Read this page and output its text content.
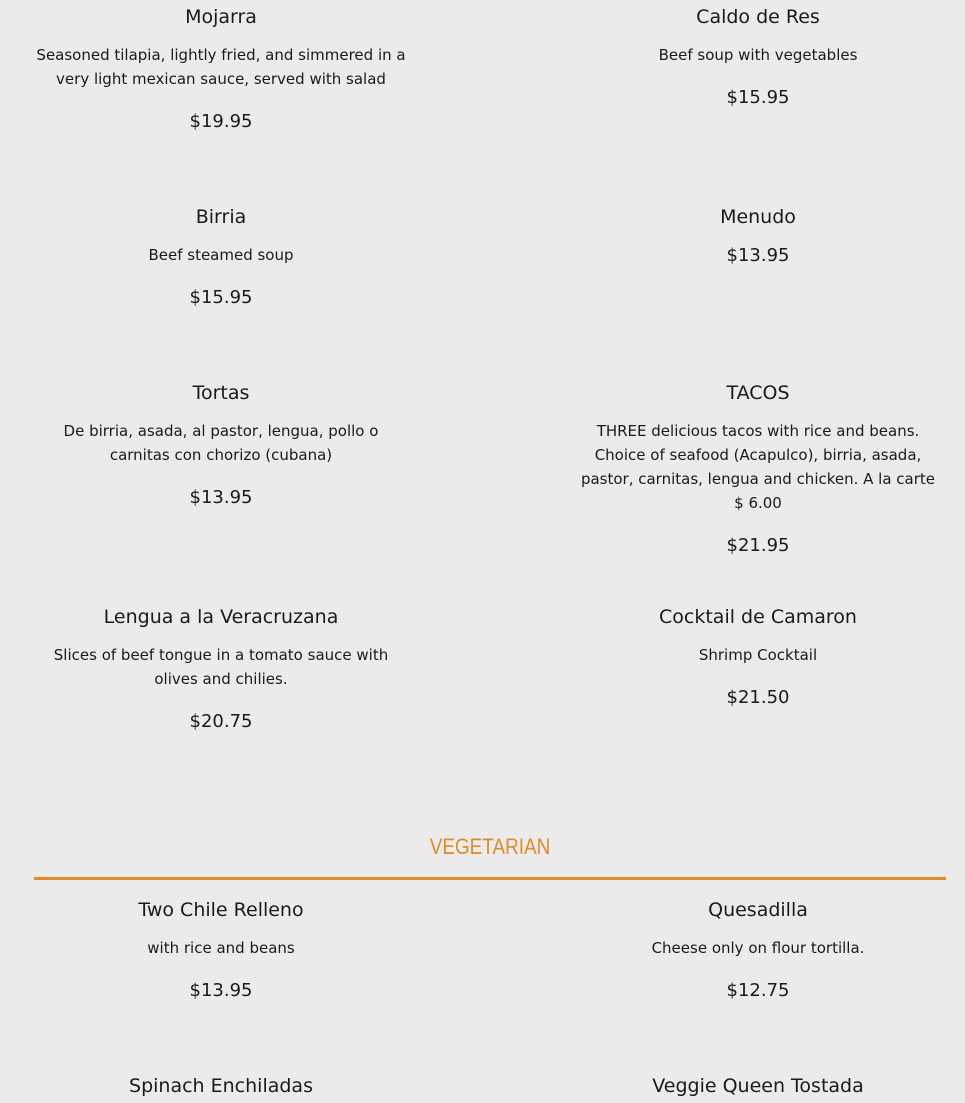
Mojarra
Seasoned tilapia, lightly fried, and simmered in a very light mexican sauce, served with salad
$19.95
Caldo de Res
Beef soup with vegetables
$15.95
Birria
Beef steamed soup
$15.95
Menudo
$13.95
Tortas
De birria, asada, al pastor, lengua, pollo o carnitas con chorizo (cubana)
$13.95
TACOS
THREE delicious tacos with rice and beans. Choice of seafood (Acapulco), birria, asada, pastor, carnitas, lengua and chicken. A la carte $ 6.00
$21.95
Lengua a la Veracruzana
Slices of beef tongue in a tomato sauce with olives and chilies.
$20.75
Cocktail de Camaron
Shrimp Cocktail
$21.50
VEGETARIAN
Two Chile Relleno
with rice and beans
$13.95
Quesadilla
Cheese only on flour tortilla.
$12.75
Spinach Enchiladas	Veggie Queen Tostada
